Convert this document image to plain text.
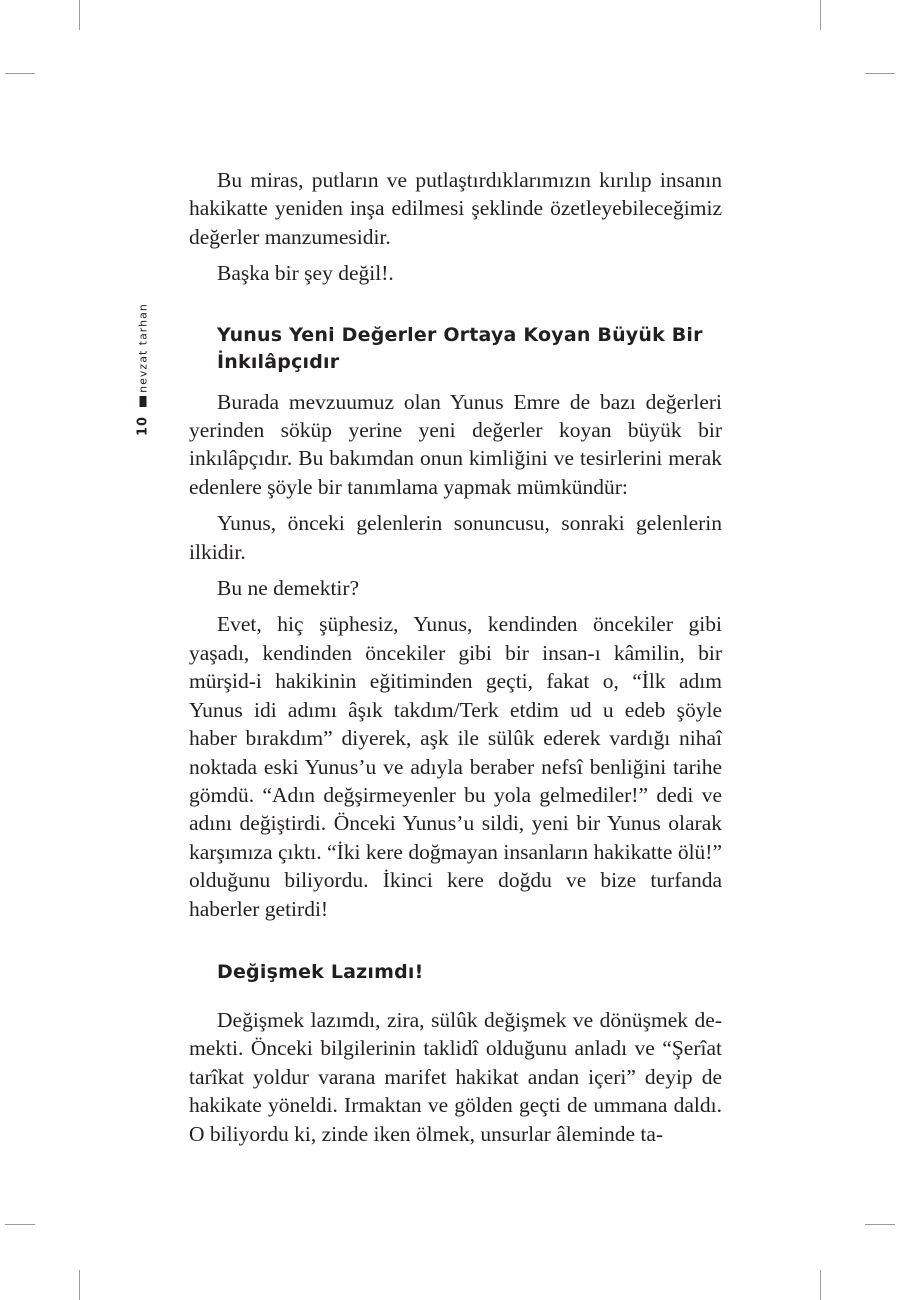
nevzat tarhan
10

Bu miras, putların ve putlaştırdıklarımızın kırılıp insanın hakikatte yeniden inşa edilmesi şeklinde özetleyebileceğimiz değerler manzumesidir.

Başka bir şey değil!.

Yunus Yeni Değerler Ortaya Koyan Büyük Bir İnkılâpçıdır

Burada mevzuumuz olan Yunus Emre de bazı değerleri yerinden söküp yerine yeni değerler koyan büyük bir inkılâpçıdır. Bu bakımdan onun kimliğini ve tesirlerini merak edenlere şöyle bir tanımlama yapmak mümkündür:

Yunus, önceki gelenlerin sonuncusu, sonraki gelenlerin ilkidir.

Bu ne demektir?

Evet, hiç şüphesiz, Yunus, kendinden öncekiler gibi yaşadı, kendinden öncekiler gibi bir insan-ı kâmilin, bir mürşid-i hakikinin eğitiminden geçti, fakat o, “İlk adım Yunus idi adımı âşık takdım/Terk etdim ud u edeb şöyle haber bırakdım” diyerek, aşk ile sülûk ederek vardığı nihaî noktada eski Yunus’u ve adıyla beraber nefsî benliğini tarihe gömdü. “Adın değşirmeyenler bu yola gelmediler!” dedi ve adını değiştirdi. Önceki Yunus’u sildi, yeni bir Yunus olarak karşımıza çıktı. “İki kere doğmayan insanların hakikatte ölü!” olduğunu biliyordu. İkinci kere doğdu ve bize turfanda haberler getirdi!

Değişmek Lazımdı!

Değişmek lazımdı, zira, sülûk değişmek ve dönüşmek demekti. Önceki bilgilerinin taklidî olduğunu anladı ve “Şerîat tarîkat yoldur varana marifet hakikat andan içeri” deyip de hakikate yöneldi. Irmaktan ve gölden geçti de ummana daldı. O biliyordu ki, zinde iken ölmek, unsurlar âleminde ta-
